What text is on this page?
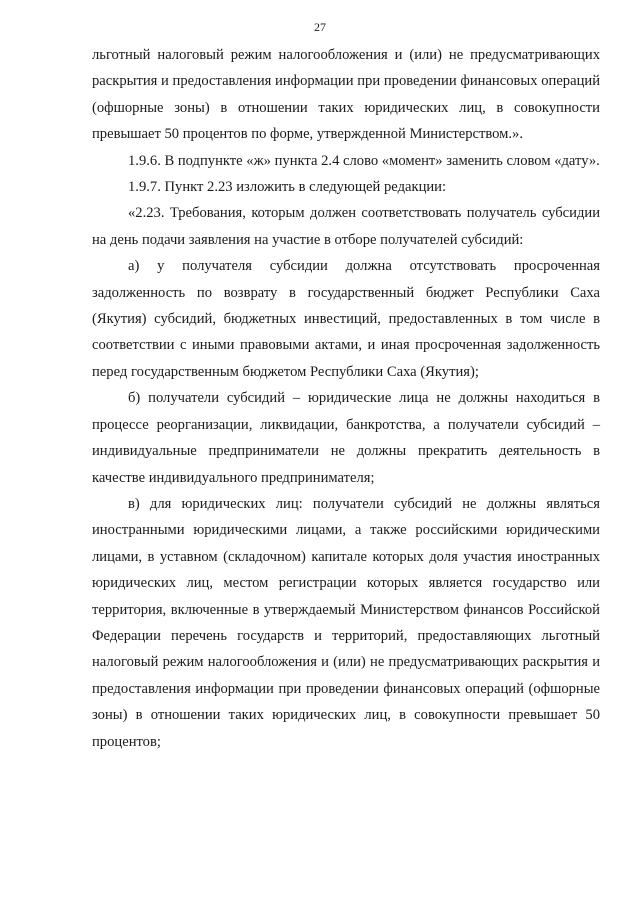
27

льготный налоговый режим налогообложения и (или) не предусматривающих раскрытия и предоставления информации при проведении финансовых операций (офшорные зоны) в отношении таких юридических лиц, в совокупности превышает 50 процентов по форме, утвержденной Министерством.».

1.9.6. В подпункте «ж» пункта 2.4 слово «момент» заменить словом «дату».

1.9.7. Пункт 2.23 изложить в следующей редакции:

«2.23. Требования, которым должен соответствовать получатель субсидии на день подачи заявления на участие в отборе получателей субсидий:

а) у получателя субсидии должна отсутствовать просроченная задолженность по возврату в государственный бюджет Республики Саха (Якутия) субсидий, бюджетных инвестиций, предоставленных в том числе в соответствии с иными правовыми актами, и иная просроченная задолженность перед государственным бюджетом Республики Саха (Якутия);

б) получатели субсидий – юридические лица не должны находиться в процессе реорганизации, ликвидации, банкротства, а получатели субсидий – индивидуальные предприниматели не должны прекратить деятельность в качестве индивидуального предпринимателя;

в) для юридических лиц: получатели субсидий не должны являться иностранными юридическими лицами, а также российскими юридическими лицами, в уставном (складочном) капитале которых доля участия иностранных юридических лиц, местом регистрации которых является государство или территория, включенные в утверждаемый Министерством финансов Российской Федерации перечень государств и территорий, предоставляющих льготный налоговый режим налогообложения и (или) не предусматривающих раскрытия и предоставления информации при проведении финансовых операций (офшорные зоны) в отношении таких юридических лиц, в совокупности превышает 50 процентов;
